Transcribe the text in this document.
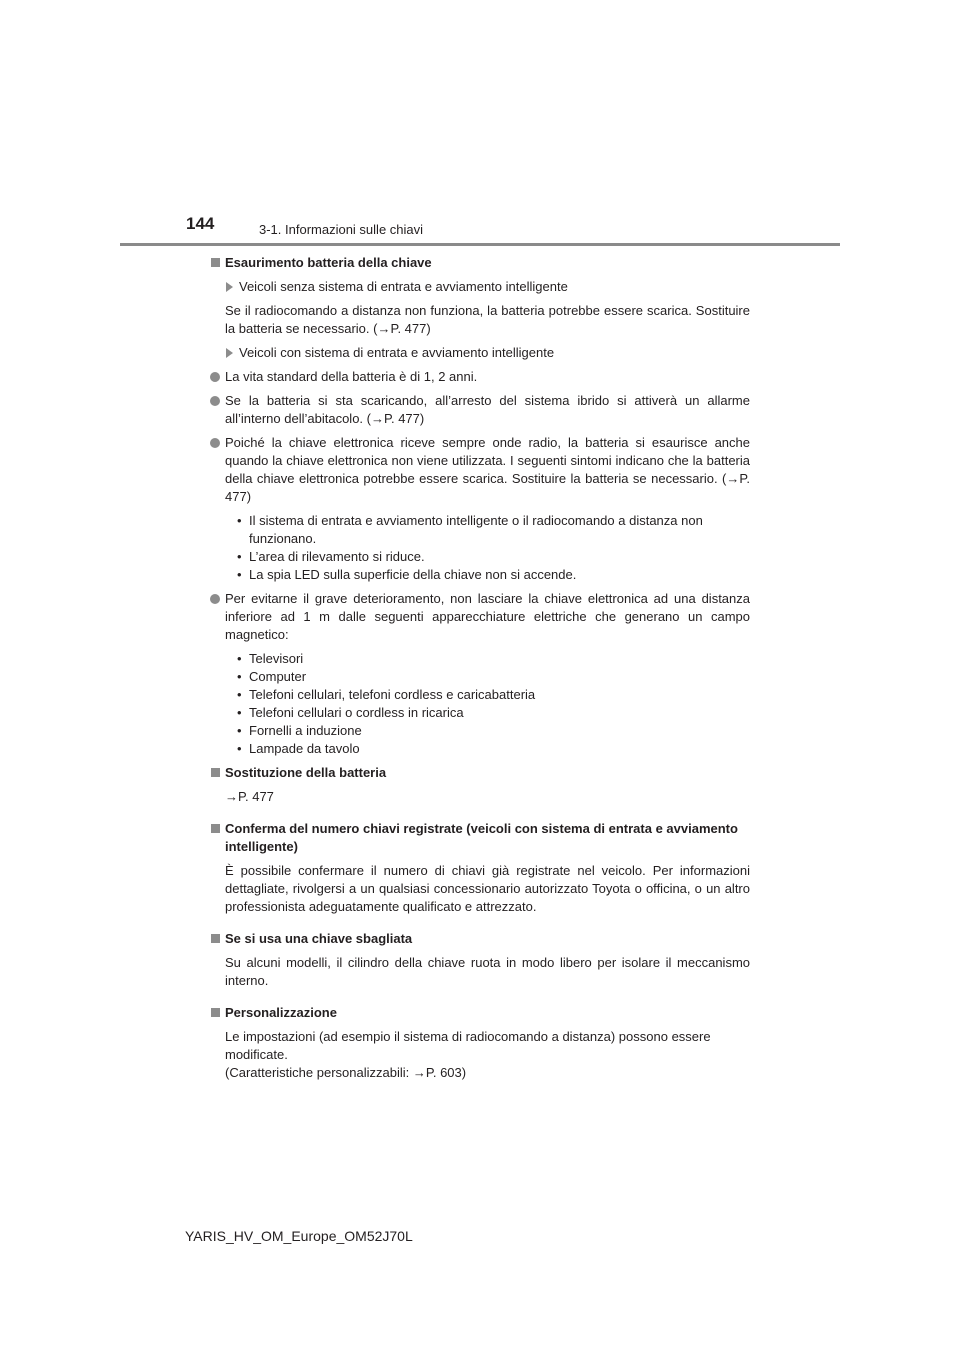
144	3-1. Informazioni sulle chiavi
Esaurimento batteria della chiave
Veicoli senza sistema di entrata e avviamento intelligente

Se il radiocomando a distanza non funziona, la batteria potrebbe essere scarica. Sostituire la batteria se necessario. (→P. 477)

Veicoli con sistema di entrata e avviamento intelligente
La vita standard della batteria è di 1, 2 anni.
Se la batteria si sta scaricando, all’arresto del sistema ibrido si attiverà un allarme all’interno dell’abitacolo. (→P. 477)
Poiché la chiave elettronica riceve sempre onde radio, la batteria si esaurisce anche quando la chiave elettronica non viene utilizzata. I seguenti sintomi indicano che la batteria della chiave elettronica potrebbe essere scarica. Sostituire la batteria se necessario. (→P. 477)
• Il sistema di entrata e avviamento intelligente o il radiocomando a distanza non funzionano.
• L’area di rilevamento si riduce.
• La spia LED sulla superficie della chiave non si accende.
Per evitarne il grave deterioramento, non lasciare la chiave elettronica ad una distanza inferiore ad 1 m dalle seguenti apparecchiature elettriche che generano un campo magnetico:
• Televisori
• Computer
• Telefoni cellulari, telefoni cordless e caricabatteria
• Telefoni cellulari o cordless in ricarica
• Fornelli a induzione
• Lampade da tavolo
Sostituzione della batteria

→P. 477

Conferma del numero chiavi registrate (veicoli con sistema di entrata e avviamento intelligente)

È possibile confermare il numero di chiavi già registrate nel veicolo. Per informazioni dettagliate, rivolgersi a un qualsiasi concessionario autorizzato Toyota o officina, o un altro professionista adeguatamente qualificato e attrezzato.

Se si usa una chiave sbagliata

Su alcuni modelli, il cilindro della chiave ruota in modo libero per isolare il meccanismo interno.

Personalizzazione
Le impostazioni (ad esempio il sistema di radiocomando a distanza) possono essere modificate.
(Caratteristiche personalizzabili: →P. 603)
YARIS_HV_OM_Europe_OM52J70L
